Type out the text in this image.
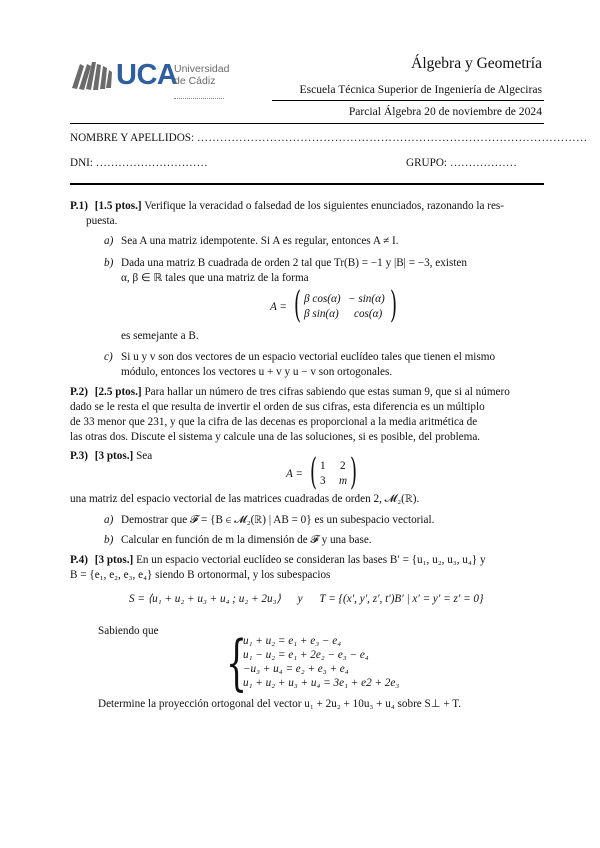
UCA
Universidad
de Cádiz
Álgebra y Geometría
Escuela Técnica Superior de Ingeniería de Algeciras
Parcial Álgebra 20 de noviembre de 2024
NOMBRE Y APELLIDOS: …………………………………………………………………………………………
DNI: …………………………	GRUPO: ………………
P.1) [1.5 ptos.] Verifique la veracidad o falsedad de los siguientes enunciados, razonando la res-
puesta.
a) Sea A una matriz idempotente. Si A es regular, entonces A ≠ I.
b) Dada una matriz B cuadrada de orden 2 tal que Tr(B) = −1 y |B| = −3, existen
α, β ∈ ℝ tales que una matriz de la forma
A = ( β cos(α) − sin(α)
β sin(α) cos(α) )
es semejante a B.
c) Si u y v son dos vectores de un espacio vectorial euclídeo tales que tienen el mismo
módulo, entonces los vectores u + v y u − v son ortogonales.
P.2) [2.5 ptos.] Para hallar un número de tres cifras sabiendo que estas suman 9, que si al número
dado se le resta el que resulta de invertir el orden de sus cifras, esta diferencia es un múltiplo
de 33 menor que 231, y que la cifra de las decenas es proporcional a la media aritmética de
las otras dos. Discute el sistema y calcule una de las soluciones, si es posible, del problema.
P.3) [3 ptos.] Sea
A = ( 1 2
3 m )
una matriz del espacio vectorial de las matrices cuadradas de orden 2, 𝓜₂(ℝ).
a) Demostrar que 𝓕 = {B ∈ 𝓜₂(ℝ) | AB = 0} es un subespacio vectorial.
b) Calcular en función de m la dimensión de 𝓕 y una base.
P.4) [3 ptos.] En un espacio vectorial euclídeo se consideran las bases B′ = {u₁, u₂, u₃, u₄} y
B = {e₁, e₂, e₃, e₄} siendo B ortonormal, y los subespacios
S = ⟨u₁ + u₂ + u₃ + u₄ ; u₂ + 2u₃⟩      y      T = {(x′, y′, z′, t′)B′ | x′ = y′ = z′ = 0}
Sabiendo que {
u₁ + u₂ = e₁ + e₃ − e₄
u₁ − u₂ = e₁ + 2e₂ − e₃ − e₄
−u₃ + u₄ = e₂ + e₃ + e₄
u₁ + u₂ + u₃ + u₄ = 3e₁ + e2 + 2e₃
Determine la proyección ortogonal del vector u₁ + 2u₂ + 10u₃ + u₄ sobre S⊥ + T.
